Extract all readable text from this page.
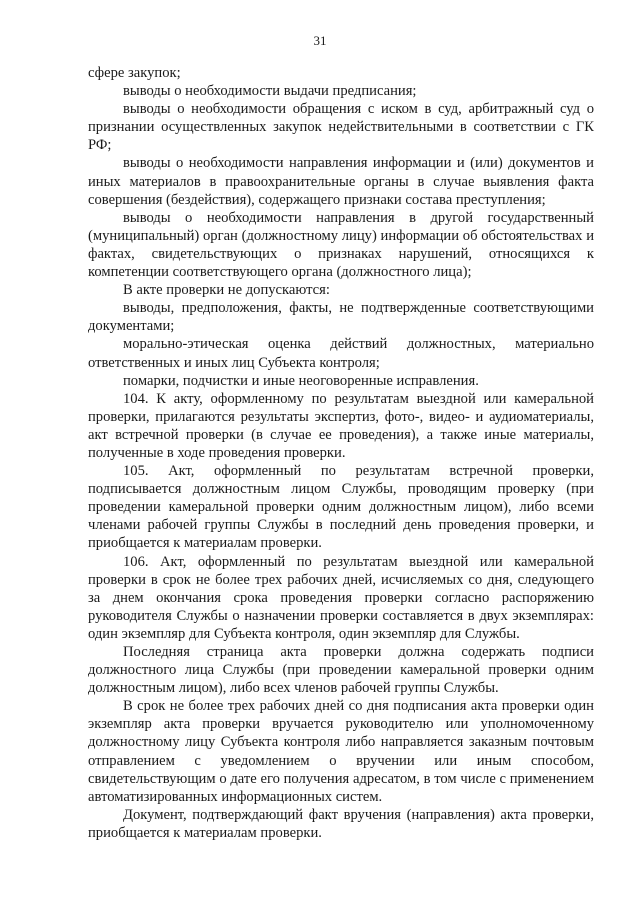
31

сфере закупок;

выводы о необходимости выдачи предписания;

выводы о необходимости обращения с иском в суд, арбитражный суд о признании осуществленных закупок недействительными в соответствии с ГК РФ;

выводы о необходимости направления информации и (или) документов и иных материалов в правоохранительные органы в случае выявления факта совершения (бездействия), содержащего признаки состава преступления;

выводы о необходимости направления в другой государственный (муниципальный) орган (должностному лицу) информации об обстоятельствах и фактах, свидетельствующих о признаках нарушений, относящихся к компетенции соответствующего органа (должностного лица);

В акте проверки не допускаются:

выводы, предположения, факты, не подтвержденные соответствующими документами;

морально-этическая оценка действий должностных, материально ответственных и иных лиц Субъекта контроля;

помарки, подчистки и иные неоговоренные исправления.

104. К акту, оформленному по результатам выездной или камеральной проверки, прилагаются результаты экспертиз, фото-, видео- и аудиоматериалы, акт встречной проверки (в случае ее проведения), а также иные материалы, полученные в ходе проведения проверки.

105. Акт, оформленный по результатам встречной проверки, подписывается должностным лицом Службы, проводящим проверку (при проведении камеральной проверки одним должностным лицом), либо всеми членами рабочей группы Службы в последний день проведения проверки, и приобщается к материалам проверки.

106. Акт, оформленный по результатам выездной или камеральной проверки в срок не более трех рабочих дней, исчисляемых со дня, следующего за днем окончания срока проведения проверки согласно распоряжению руководителя Службы о назначении проверки составляется в двух экземплярах: один экземпляр для Субъекта контроля, один экземпляр для Службы.

Последняя страница акта проверки должна содержать подписи должностного лица Службы (при проведении камеральной проверки одним должностным лицом), либо всех членов рабочей группы Службы.

В срок не более трех рабочих дней со дня подписания акта проверки один экземпляр акта проверки вручается руководителю или уполномоченному должностному лицу Субъекта контроля либо направляется заказным почтовым отправлением с уведомлением о вручении или иным способом, свидетельствующим о дате его получения адресатом, в том числе с применением автоматизированных информационных систем.

Документ, подтверждающий факт вручения (направления) акта проверки, приобщается к материалам проверки.
